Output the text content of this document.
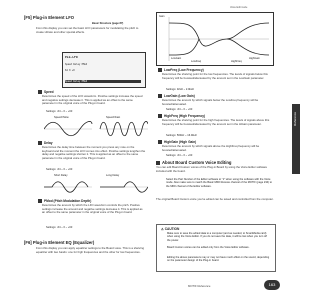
Voice Edit mode
[F5] Plug-in Element LFO
Basic Structure (page 87)
From this display you can set the basic LFO parameters for modulating the pitch to create vibrato and other special effects.
PLG-LFO
Speed Delay PMod
64 0 +0
Speed Delay PMod
Speed
Determines the speed of the LFO waveform. Positive settings increase the speed and negative settings decrease it. This is applied as an offset to the same parameter in the original voice of the Plug-in board.
Settings: -64 ~ 0 ~ +63
Speed=Slow	Speed=Fast
Delay
Determines the delay time between the moment you press any note on the keyboard and the moment the LFO comes into effect. Positive settings lengthen the delay and negative settings shorten it. This is applied as an offset to the same parameter in the original voice of the Plug-in board.
Settings: -64 ~ 0 ~ +63
Short Delay	Long Delay
PMod (Pitch Modulation Depth)
Determines the amount by which the LFO waveform controls the pitch. Positive settings increase the amount and negative settings decrease it. This is applied as an offset to the same parameter in the original voice of the Plug-in board.
Settings: -64 ~ 0 ~ +63
[F6] Plug-in Element EQ (Equalizer)
From this display you can apply equalizer settings to the Board voice. This is a shelving equalizer with two bands: one for high frequencies and the other for low frequencies.
Gain
LowGain
LowFreq	HighFreq
HighGain
LowFreq (Low Frequency)
Determines the shelving point for the low frequencies. The levels of signals below this frequency will be boosted/attenuated by the amount set in the LowGain parameter.
Settings: 32Hz ~ 2.0kHz
LowGain (Low Gain)
Determines the amount by which signals below the LowFreq frequency will be boosted/attenuated.
Settings: -64 ~ 0 ~ +63
HighFreq (High Frequency)
Determines the shelving point for the high frequencies. The levels of signals above this frequency will be boosted/attenuated by the amount set in the HiGain parameter.
Settings: 500Hz ~ 16.0kHz
HighGain (High Gain)
Determines the amount by which signals above the HighFreq frequency will be boosted/attenuated.
Settings: -64 ~ 0 ~ +63
About Board Custom Voice Editing
You can edit Board Custom voices of the Plug-in Board by using the Voice Editor software included with the board.
Select the Part Number of the Editor software to "1" when using the software with the Voice mode. Also make sure to match the Basic MIDI Receive channel of the MOTIF (page 234) to the MIDI channel of the Editor software.
The original Board Custom voice you've edited can be saved and controlled from the computer.
⚠ CAUTION
Make sure to save the edited data to a computer (and as needed, to SmartMedia card) when using the Voice Editor. If you do not save the data, it will be lost when you turn off the power.
Board Custom voices can be edited only from the Voice Editor software.
Editing the above parameters may or may not have much effect on the sound, depending on the parameter design of the Plug-in board.
Reference
MOTIF Reference	163
